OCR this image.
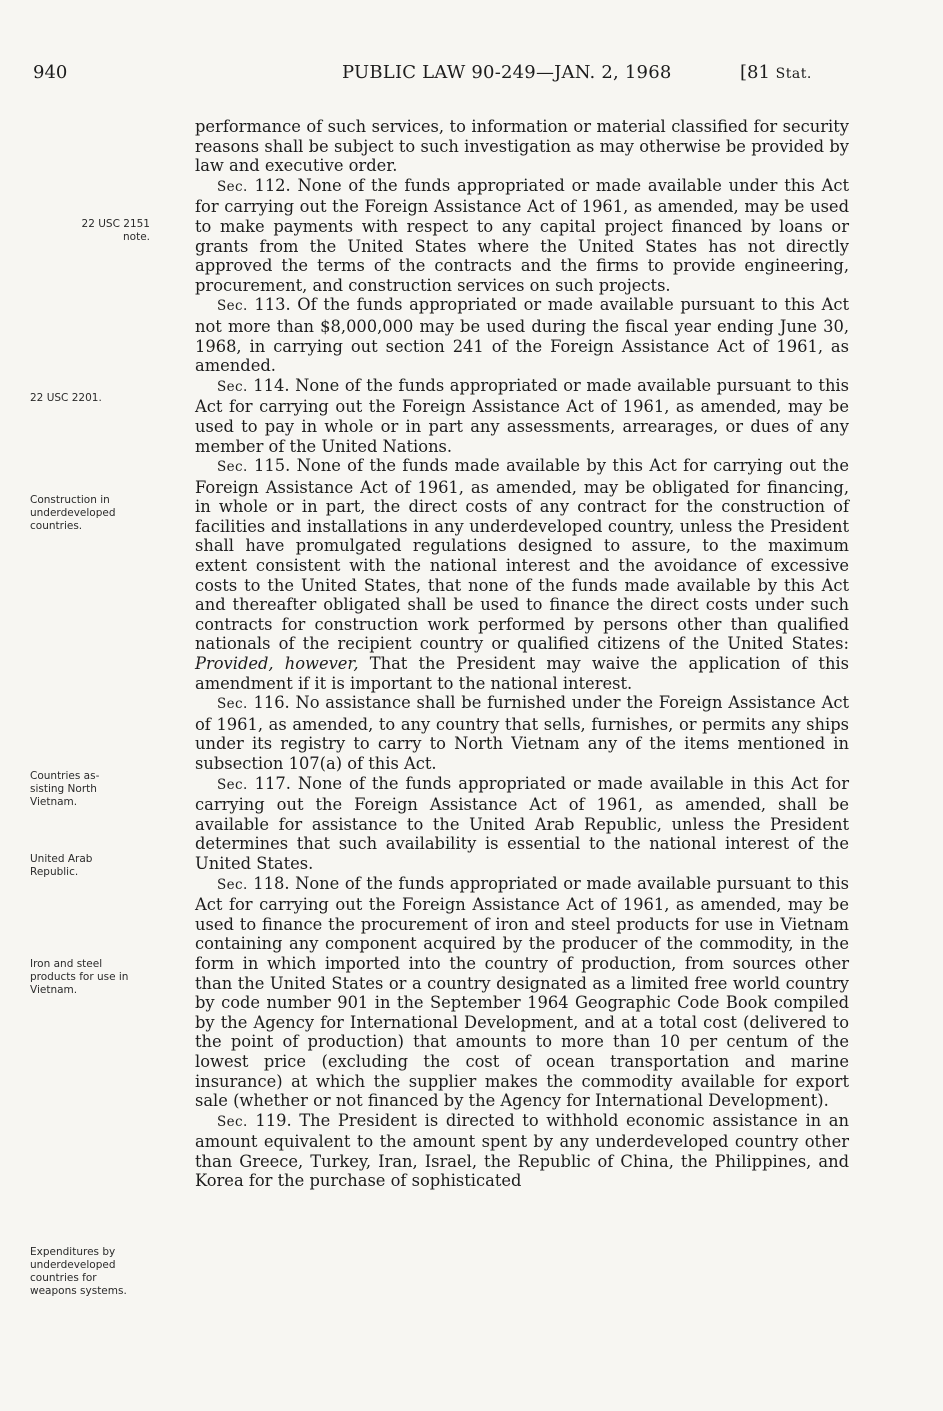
940	PUBLIC LAW 90-249—JAN. 2, 1968	[81 Stat.
22 USC 2151
note.
22 USC 2201.
Construction in
underdeveloped
countries.
Countries as-
sisting North
Vietnam.
United Arab
Republic.
Iron and steel
products for use in
Vietnam.
Expenditures by
underdeveloped
countries for
weapons systems.

performance of such services, to information or material classified for security reasons shall be subject to such investigation as may otherwise be provided by law and executive order.

Sec. 112. None of the funds appropriated or made available under this Act for carrying out the Foreign Assistance Act of 1961, as amended, may be used to make payments with respect to any capital project financed by loans or grants from the United States where the United States has not directly approved the terms of the contracts and the firms to provide engineering, procurement, and construction services on such projects.

Sec. 113. Of the funds appropriated or made available pursuant to this Act not more than $8,000,000 may be used during the fiscal year ending June 30, 1968, in carrying out section 241 of the Foreign Assistance Act of 1961, as amended.

Sec. 114. None of the funds appropriated or made available pursuant to this Act for carrying out the Foreign Assistance Act of 1961, as amended, may be used to pay in whole or in part any assessments, arrearages, or dues of any member of the United Nations.

Sec. 115. None of the funds made available by this Act for carrying out the Foreign Assistance Act of 1961, as amended, may be obligated for financing, in whole or in part, the direct costs of any contract for the construction of facilities and installations in any underdeveloped country, unless the President shall have promulgated regulations designed to assure, to the maximum extent consistent with the national interest and the avoidance of excessive costs to the United States, that none of the funds made available by this Act and thereafter obligated shall be used to finance the direct costs under such contracts for construction work performed by persons other than qualified nationals of the recipient country or qualified citizens of the United States: Provided, however, That the President may waive the application of this amendment if it is important to the national interest.

Sec. 116. No assistance shall be furnished under the Foreign Assistance Act of 1961, as amended, to any country that sells, furnishes, or permits any ships under its registry to carry to North Vietnam any of the items mentioned in subsection 107(a) of this Act.

Sec. 117. None of the funds appropriated or made available in this Act for carrying out the Foreign Assistance Act of 1961, as amended, shall be available for assistance to the United Arab Republic, unless the President determines that such availability is essential to the national interest of the United States.

Sec. 118. None of the funds appropriated or made available pursuant to this Act for carrying out the Foreign Assistance Act of 1961, as amended, may be used to finance the procurement of iron and steel products for use in Vietnam containing any component acquired by the producer of the commodity, in the form in which imported into the country of production, from sources other than the United States or a country designated as a limited free world country by code number 901 in the September 1964 Geographic Code Book compiled by the Agency for International Development, and at a total cost (delivered to the point of production) that amounts to more than 10 per centum of the lowest price (excluding the cost of ocean transportation and marine insurance) at which the supplier makes the commodity available for export sale (whether or not financed by the Agency for International Development).

Sec. 119. The President is directed to withhold economic assistance in an amount equivalent to the amount spent by any underdeveloped country other than Greece, Turkey, Iran, Israel, the Republic of China, the Philippines, and Korea for the purchase of sophisticated
